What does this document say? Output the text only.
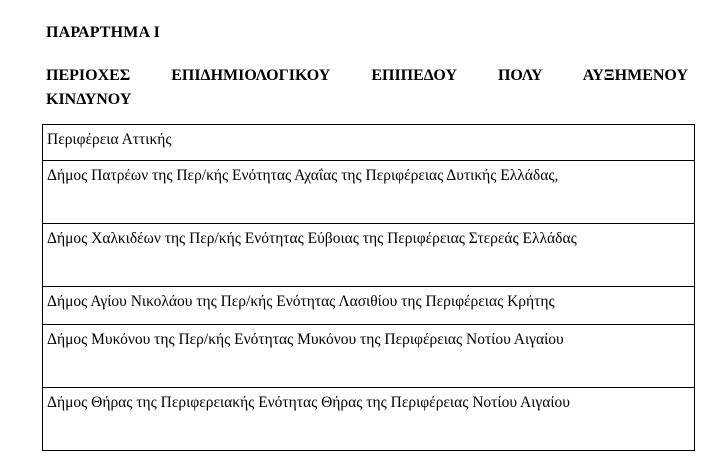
ΠΑΡΑΡΤΗΜΑ Ι
ΠΕΡΙΟΧΕΣ ΕΠΙΔΗΜΙΟΛΟΓΙΚΟΥ ΕΠΙΠΕΔΟΥ ΠΟΛΥ ΑΥΞΗΜΕΝΟΥ
ΚΙΝΔΥΝΟΥ
Περιφέρεια Αττικής
Δήμος Πατρέων της Περ/κής Ενότητας Αχαΐας της Περιφέρειας Δυτικής Ελλάδας,
Δήμος Χαλκιδέων της Περ/κής Ενότητας Εύβοιας της Περιφέρειας Στερεάς Ελλάδας
Δήμος Αγίου Νικολάου της Περ/κής Ενότητας Λασιθίου της Περιφέρειας Κρήτης
Δήμος Μυκόνου της Περ/κής Ενότητας Μυκόνου της Περιφέρειας Νοτίου Αιγαίου
Δήμος Θήρας της Περιφερειακής Ενότητας Θήρας της Περιφέρειας Νοτίου Αιγαίου
